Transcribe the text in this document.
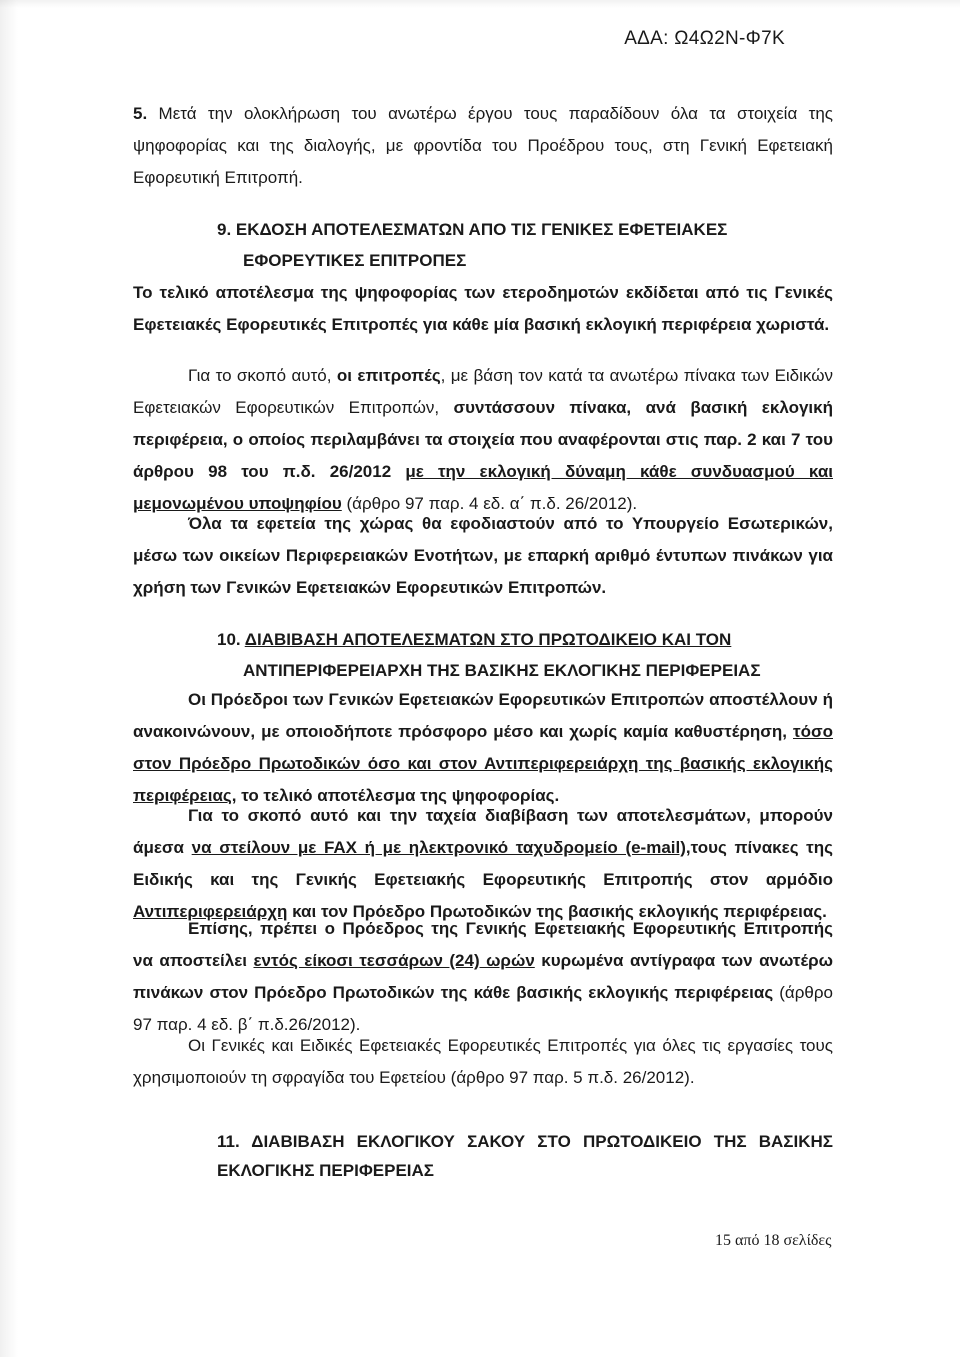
ΑΔΑ: Ω4Ω2Ν-Φ7Κ

5. Μετά την ολοκλήρωση του ανωτέρω έργου τους παραδίδουν όλα τα στοιχεία της ψηφοφορίας και της διαλογής, με φροντίδα του Προέδρου τους, στη Γενική Εφετειακή Εφορευτική Επιτροπή.

9. ΕΚΔΟΣΗ ΑΠΟΤΕΛΕΣΜΑΤΩΝ ΑΠΟ ΤΙΣ ΓΕΝΙΚΕΣ ΕΦΕΤΕΙΑΚΕΣ
ΕΦΟΡΕΥΤΙΚΕΣ ΕΠΙΤΡΟΠΕΣ

Το τελικό αποτέλεσμα της ψηφοφορίας των ετεροδημοτών εκδίδεται από τις Γενικές Εφετειακές Εφορευτικές Επιτροπές για κάθε μία βασική εκλογική περιφέρεια χωριστά.

Για το σκοπό αυτό, οι επιτροπές, με βάση τον κατά τα ανωτέρω πίνακα των Ειδικών Εφετειακών Εφορευτικών Επιτροπών, συντάσσουν πίνακα, ανά βασική εκλογική περιφέρεια, ο οποίος περιλαμβάνει τα στοιχεία που αναφέρονται στις παρ. 2 και 7 του άρθρου 98 του π.δ. 26/2012 με την εκλογική δύναμη κάθε συνδυασμού και μεμονωμένου υποψηφίου (άρθρο 97 παρ. 4 εδ. α΄ π.δ. 26/2012).

Όλα τα εφετεία της χώρας θα εφοδιαστούν από το Υπουργείο Εσωτερικών, μέσω των οικείων Περιφερειακών Ενοτήτων, με επαρκή αριθμό έντυπων πινάκων για χρήση των Γενικών Εφετειακών Εφορευτικών Επιτροπών.

10. ΔΙΑΒΙΒΑΣΗ ΑΠΟΤΕΛΕΣΜΑΤΩΝ ΣΤΟ ΠΡΩΤΟΔΙΚΕΙΟ ΚΑΙ ΤΟΝ
ΑΝΤΙΠΕΡΙΦΕΡΕΙΑΡΧΗ ΤΗΣ ΒΑΣΙΚΗΣ ΕΚΛΟΓΙΚΗΣ ΠΕΡΙΦΕΡΕΙΑΣ

Οι Πρόεδροι των Γενικών Εφετειακών Εφορευτικών Επιτροπών αποστέλλουν ή ανακοινώνουν, με οποιοδήποτε πρόσφορο μέσο και χωρίς καμία καθυστέρηση, τόσο στον Πρόεδρο Πρωτοδικών όσο και στον Αντιπεριφερειάρχη της βασικής εκλογικής περιφέρειας, το τελικό αποτέλεσμα της ψηφοφορίας.

Για το σκοπό αυτό και την ταχεία διαβίβαση των αποτελεσμάτων, μπορούν άμεσα να στείλουν με FAX ή με ηλεκτρονικό ταχυδρομείο (e-mail),τους πίνακες της Ειδικής και της Γενικής Εφετειακής Εφορευτικής Επιτροπής στον αρμόδιο Αντιπεριφερειάρχη και τον Πρόεδρο Πρωτοδικών της βασικής εκλογικής περιφέρειας.

Επίσης, πρέπει ο Πρόεδρος της Γενικής Εφετειακής Εφορευτικής Επιτροπής να αποστείλει εντός είκοσι τεσσάρων (24) ωρών κυρωμένα αντίγραφα των ανωτέρω πινάκων στον Πρόεδρο Πρωτοδικών της κάθε βασικής εκλογικής περιφέρειας (άρθρο 97 παρ. 4 εδ. β΄ π.δ.26/2012).

Οι Γενικές και Ειδικές Εφετειακές Εφορευτικές Επιτροπές για όλες τις εργασίες τους χρησιμοποιούν τη σφραγίδα του Εφετείου (άρθρο 97 παρ. 5 π.δ. 26/2012).

11. ΔΙΑΒΙΒΑΣΗ ΕΚΛΟΓΙΚΟΥ ΣΑΚΟΥ ΣΤΟ ΠΡΩΤΟΔΙΚΕΙΟ ΤΗΣ ΒΑΣΙΚΗΣ
ΕΚΛΟΓΙΚΗΣ ΠΕΡΙΦΕΡΕΙΑΣ
15 από 18 σελίδες
